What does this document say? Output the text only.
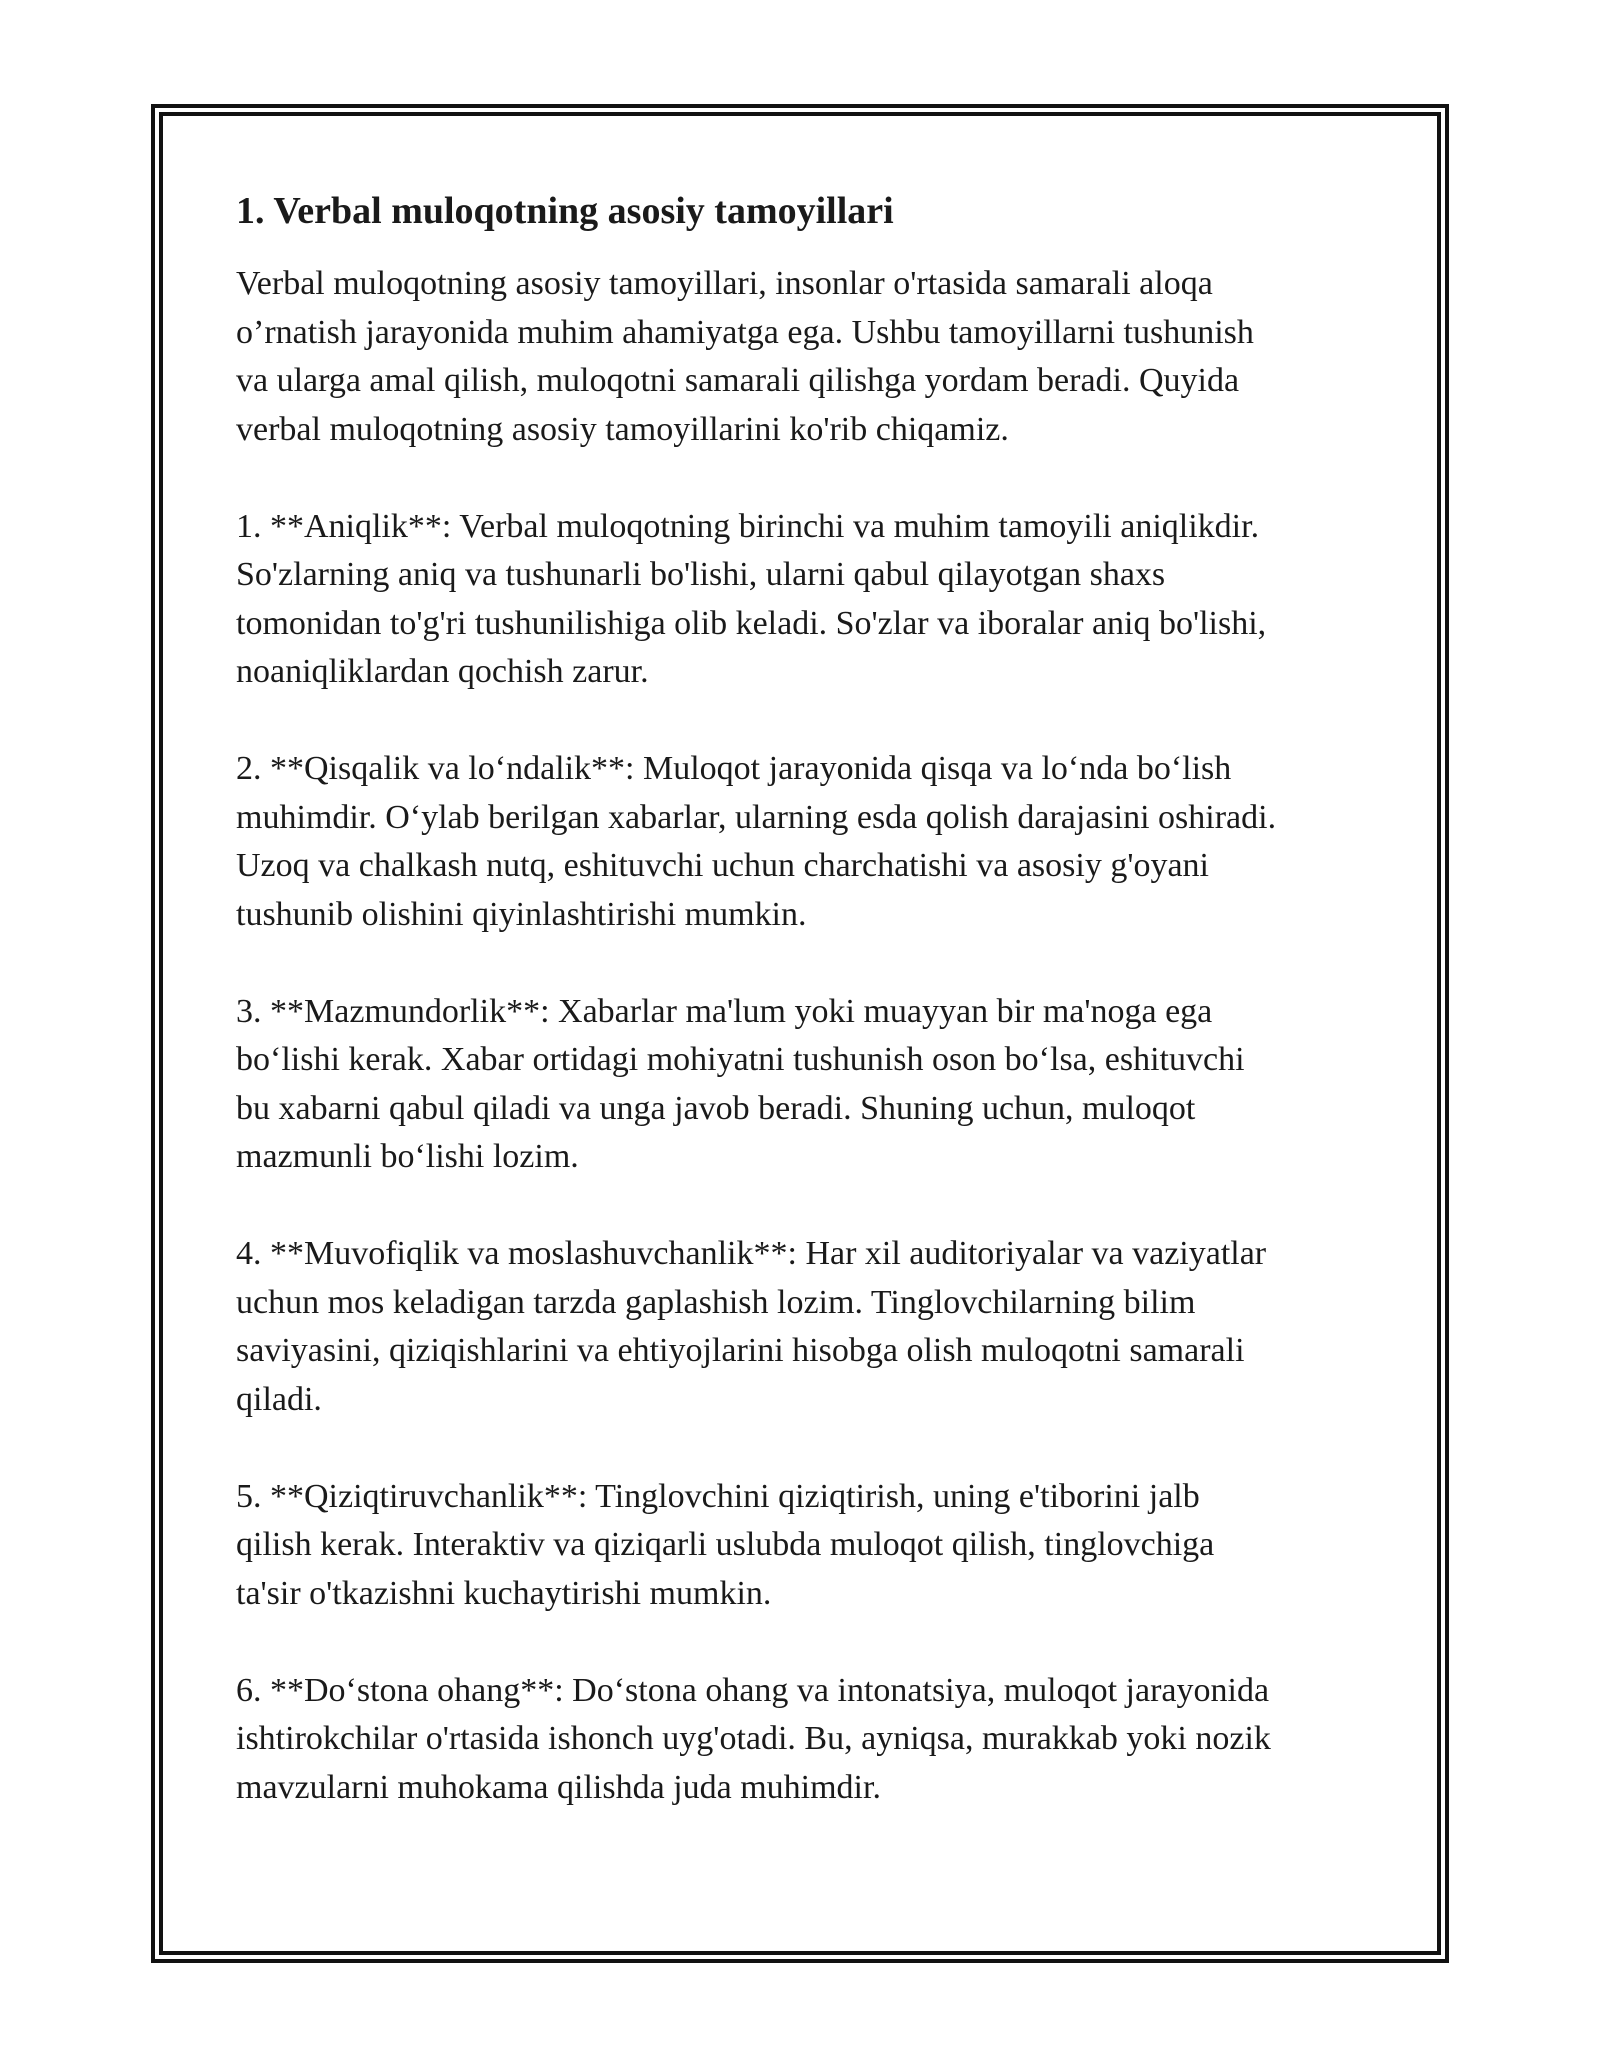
1. Verbal muloqotning asosiy tamoyillari
Verbal muloqotning asosiy tamoyillari, insonlar o'rtasida samarali aloqa
o’rnatish jarayonida muhim ahamiyatga ega. Ushbu tamoyillarni tushunish
va ularga amal qilish, muloqotni samarali qilishga yordam beradi. Quyida
verbal muloqotning asosiy tamoyillarini ko'rib chiqamiz.
1. **Aniqlik**: Verbal muloqotning birinchi va muhim tamoyili aniqlikdir.
So'zlarning aniq va tushunarli bo'lishi, ularni qabul qilayotgan shaxs
tomonidan to'g'ri tushunilishiga olib keladi. So'zlar va iboralar aniq bo'lishi,
noaniqliklardan qochish zarur.
2. **Qisqalik va lo‘ndalik**: Muloqot jarayonida qisqa va lo‘nda bo‘lish
muhimdir. O‘ylab berilgan xabarlar, ularning esda qolish darajasini oshiradi.
Uzoq va chalkash nutq, eshituvchi uchun charchatishi va asosiy g'oyani
tushunib olishini qiyinlashtirishi mumkin.
3. **Mazmundorlik**: Xabarlar ma'lum yoki muayyan bir ma'noga ega
bo‘lishi kerak. Xabar ortidagi mohiyatni tushunish oson bo‘lsa, eshituvchi
bu xabarni qabul qiladi va unga javob beradi. Shuning uchun, muloqot
mazmunli bo‘lishi lozim.
4. **Muvofiqlik va moslashuvchanlik**: Har xil auditoriyalar va vaziyatlar
uchun mos keladigan tarzda gaplashish lozim. Tinglovchilarning bilim
saviyasini, qiziqishlarini va ehtiyojlarini hisobga olish muloqotni samarali
qiladi.
5. **Qiziqtiruvchanlik**: Tinglovchini qiziqtirish, uning e'tiborini jalb
qilish kerak. Interaktiv va qiziqarli uslubda muloqot qilish, tinglovchiga
ta'sir o'tkazishni kuchaytirishi mumkin.
6. **Do‘stona ohang**: Do‘stona ohang va intonatsiya, muloqot jarayonida
ishtirokchilar o'rtasida ishonch uyg'otadi. Bu, ayniqsa, murakkab yoki nozik
mavzularni muhokama qilishda juda muhimdir.
